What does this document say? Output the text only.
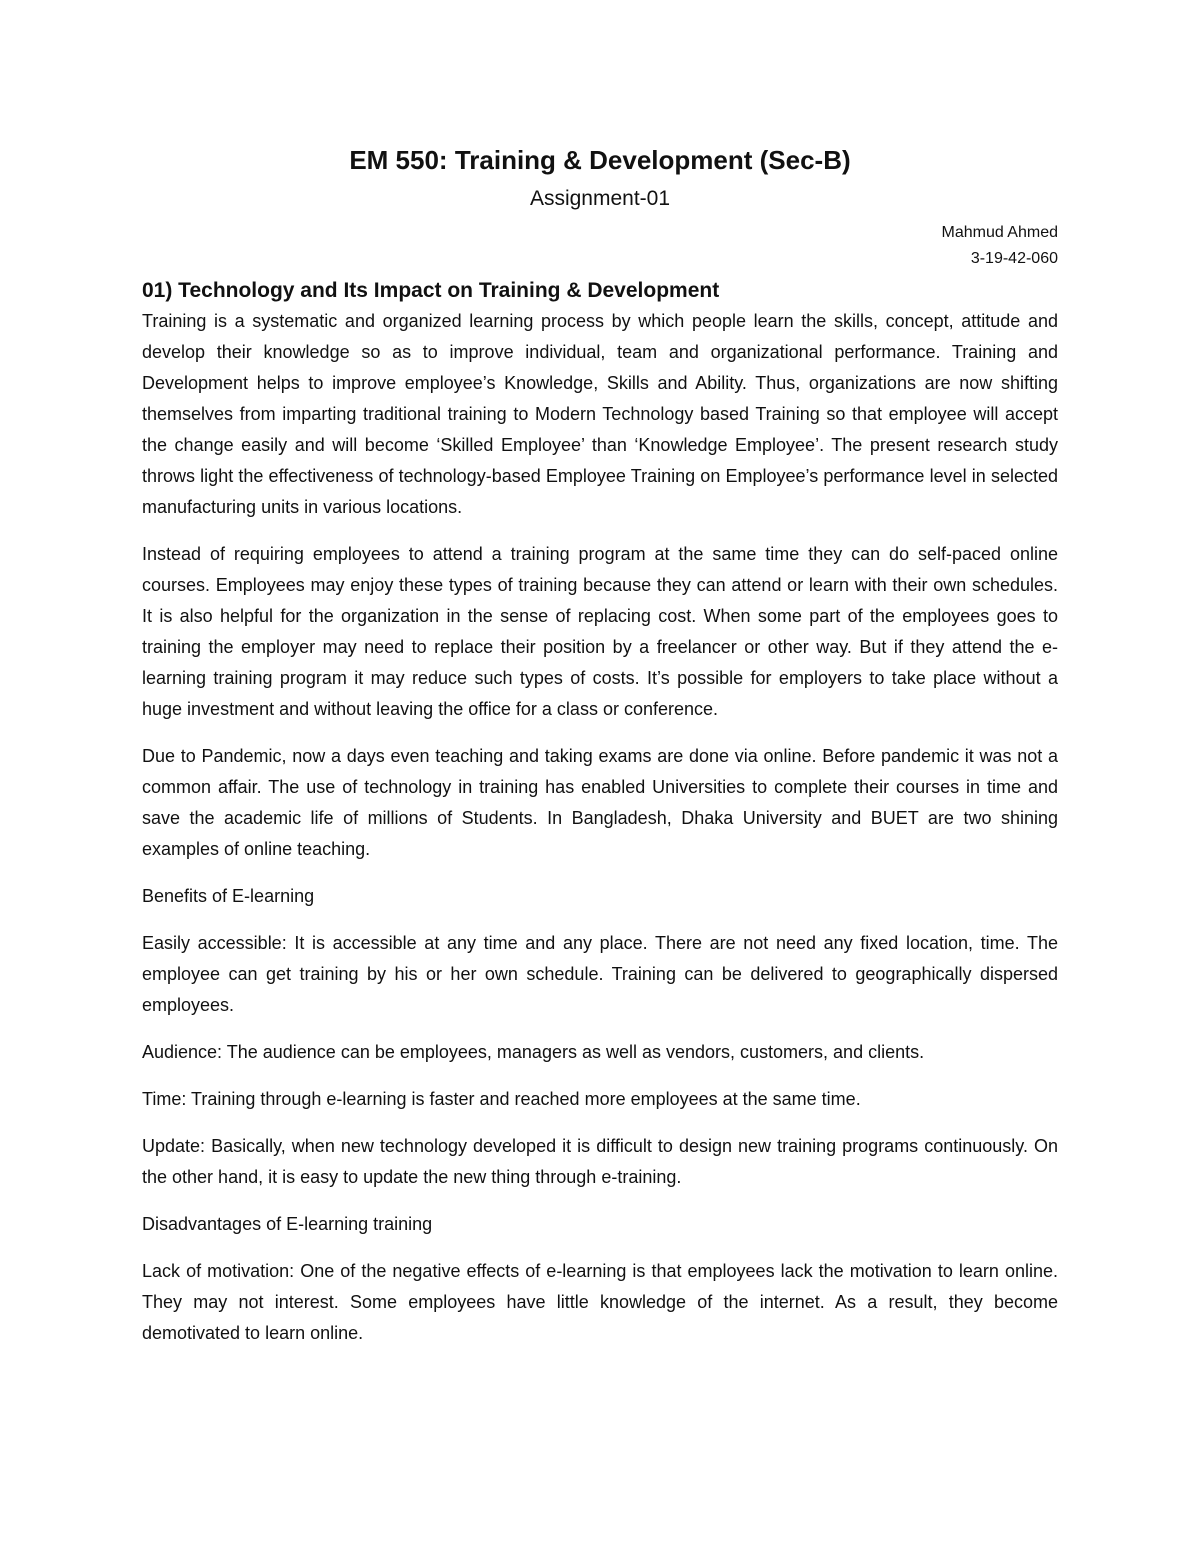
EM 550: Training & Development (Sec-B)
Assignment-01
Mahmud Ahmed
3-19-42-060
01) Technology and Its Impact on Training & Development

Training is a systematic and organized learning process by which people learn the skills, concept, attitude and develop their knowledge so as to improve individual, team and organizational performance. Training and Development helps to improve employee’s Knowledge, Skills and Ability. Thus, organizations are now shifting themselves from imparting traditional training to Modern Technology based Training so that employee will accept the change easily and will become ‘Skilled Employee’ than ‘Knowledge Employee’. The present research study throws light the effectiveness of technology-based Employee Training on Employee’s performance level in selected manufacturing units in various locations.

Instead of requiring employees to attend a training program at the same time they can do self-paced online courses. Employees may enjoy these types of training because they can attend or learn with their own schedules. It is also helpful for the organization in the sense of replacing cost. When some part of the employees goes to training the employer may need to replace their position by a freelancer or other way. But if they attend the e-learning training program it may reduce such types of costs. It’s possible for employers to take place without a huge investment and without leaving the office for a class or conference.

Due to Pandemic, now a days even teaching and taking exams are done via online. Before pandemic it was not a common affair. The use of technology in training has enabled Universities to complete their courses in time and save the academic life of millions of Students. In Bangladesh, Dhaka University and BUET are two shining examples of online teaching.

Benefits of E-learning

Easily accessible: It is accessible at any time and any place. There are not need any fixed location, time. The employee can get training by his or her own schedule. Training can be delivered to geographically dispersed employees.

Audience: The audience can be employees, managers as well as vendors, customers, and clients.

Time: Training through e-learning is faster and reached more employees at the same time.

Update: Basically, when new technology developed it is difficult to design new training programs continuously. On the other hand, it is easy to update the new thing through e-training.

Disadvantages of E-learning training

Lack of motivation: One of the negative effects of e-learning is that employees lack the motivation to learn online. They may not interest. Some employees have little knowledge of the internet. As a result, they become demotivated to learn online.
